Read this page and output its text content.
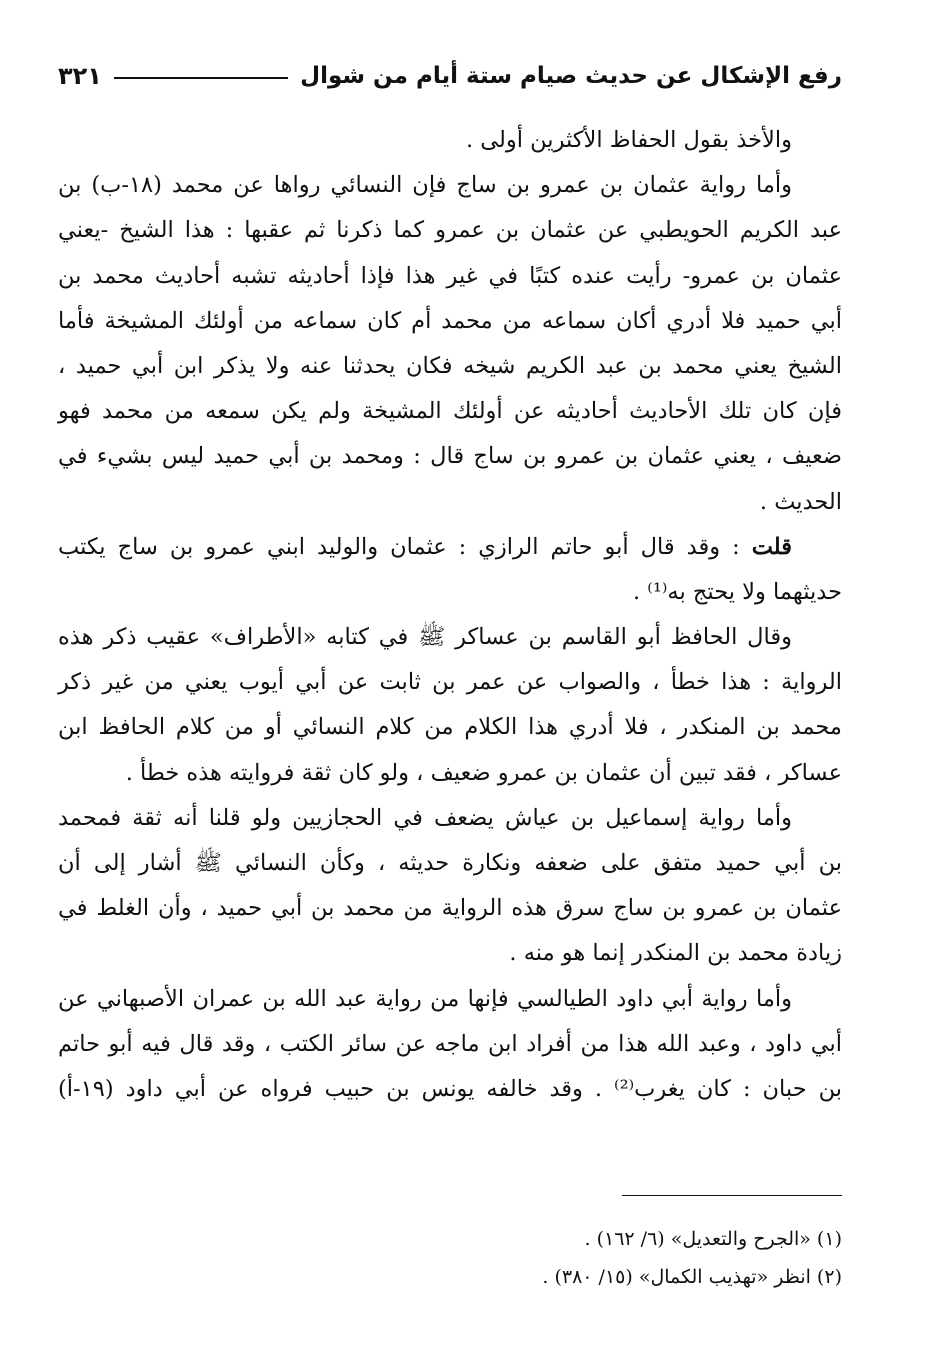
رفع الإشكال عن حديث صيام ستة أيام من شوال
٣٢١
والأخذ بقول الحفاظ الأكثرين أولى .
وأما رواية عثمان بن عمرو بن ساج فإن النسائي رواها عن محمد (١٨-ب) بن
عبد الكريم الحويطبي عن عثمان بن عمرو كما ذكرنا ثم عقبها : هذا الشيخ -يعني
عثمان بن عمرو- رأيت عنده كتبًا في غير هذا فإذا أحاديثه تشبه أحاديث محمد بن
أبي حميد فلا أدري أكان سماعه من محمد أم كان سماعه من أولئك المشيخة فأما
الشيخ يعني محمد بن عبد الكريم شيخه فكان يحدثنا عنه ولا يذكر ابن أبي حميد ،
فإن كان تلك الأحاديث أحاديثه عن أولئك المشيخة ولم يكن سمعه من محمد فهو
ضعيف ، يعني عثمان بن عمرو بن ساج قال : ومحمد بن أبي حميد ليس بشيء في
الحديث .
قلت : وقد قال أبو حاتم الرازي : عثمان والوليد ابني عمرو بن ساج يكتب
حديثهما ولا يحتج به⁽¹⁾ .
وقال الحافظ أبو القاسم بن عساكر ﷺ في كتابه «الأطراف» عقيب ذكر هذه
الرواية : هذا خطأ ، والصواب عن عمر بن ثابت عن أبي أيوب يعني من غير ذكر
محمد بن المنكدر ، فلا أدري هذا الكلام من كلام النسائي أو من كلام الحافظ ابن
عساكر ، فقد تبين أن عثمان بن عمرو ضعيف ، ولو كان ثقة فروايته هذه خطأ .
وأما رواية إسماعيل بن عياش يضعف في الحجازيين ولو قلنا أنه ثقة فمحمد
بن أبي حميد متفق على ضعفه ونكارة حديثه ، وكأن النسائي ﷺ أشار إلى أن
عثمان بن عمرو بن ساج سرق هذه الرواية من محمد بن أبي حميد ، وأن الغلط في
زيادة محمد بن المنكدر إنما هو منه .
وأما رواية أبي داود الطيالسي فإنها من رواية عبد الله بن عمران الأصبهاني عن
أبي داود ، وعبد الله هذا من أفراد ابن ماجه عن سائر الكتب ، وقد قال فيه أبو حاتم
بن حبان : كان يغرب⁽²⁾ . وقد خالفه يونس بن حبيب فرواه عن أبي داود (١٩-أ)
(١) «الجرح والتعديل» (٦/ ١٦٢) .
(٢) انظر «تهذيب الكمال» (١٥/ ٣٨٠) .
